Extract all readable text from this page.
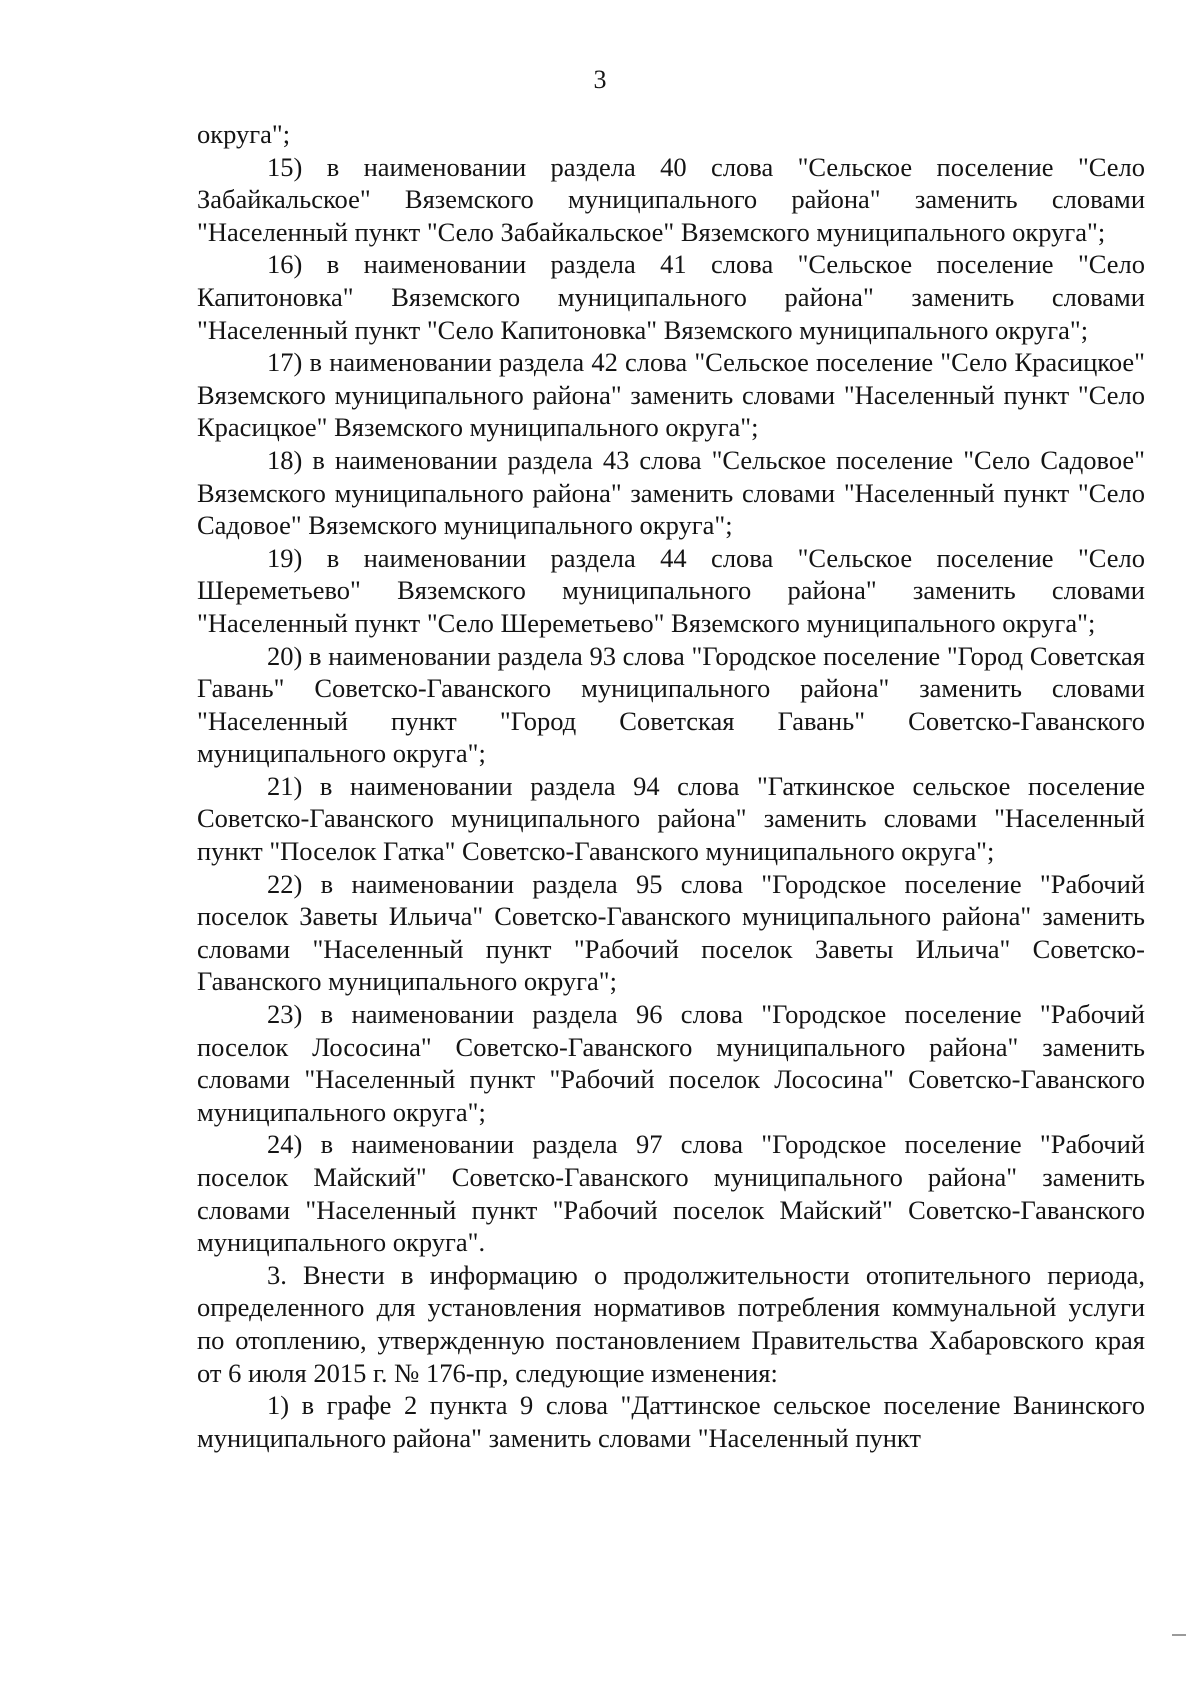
3

округа";

15) в наименовании раздела 40 слова "Сельское поселение "Село Забайкальское" Вяземского муниципального района" заменить словами "Населенный пункт "Село Забайкальское" Вяземского муниципального округа";

16) в наименовании раздела 41 слова "Сельское поселение "Село Капитоновка" Вяземского муниципального района" заменить словами "Населенный пункт "Село Капитоновка" Вяземского муниципального округа";

17) в наименовании раздела 42 слова "Сельское поселение "Село Красицкое" Вяземского муниципального района" заменить словами "Населенный пункт "Село Красицкое" Вяземского муниципального округа";

18) в наименовании раздела 43 слова "Сельское поселение "Село Садовое" Вяземского муниципального района" заменить словами "Населенный пункт "Село Садовое" Вяземского муниципального округа";

19) в наименовании раздела 44 слова "Сельское поселение "Село Шереметьево" Вяземского муниципального района" заменить словами "Населенный пункт "Село Шереметьево" Вяземского муниципального округа";

20) в наименовании раздела 93 слова "Городское поселение "Город Советская Гавань" Советско-Гаванского муниципального района" заменить словами "Населенный пункт "Город Советская Гавань" Советско-Гаванского муниципального округа";

21) в наименовании раздела 94 слова "Гаткинское сельское поселение Советско-Гаванского муниципального района" заменить словами "Населенный пункт "Поселок Гатка" Советско-Гаванского муниципального округа";

22) в наименовании раздела 95 слова "Городское поселение "Рабочий поселок Заветы Ильича" Советско-Гаванского муниципального района" заменить словами "Населенный пункт "Рабочий поселок Заветы Ильича" Советско-Гаванского муниципального округа";

23) в наименовании раздела 96 слова "Городское поселение "Рабочий поселок Лососина" Советско-Гаванского муниципального района" заменить словами "Населенный пункт "Рабочий поселок Лососина" Советско-Гаванского муниципального округа";

24) в наименовании раздела 97 слова "Городское поселение "Рабочий поселок Майский" Советско-Гаванского муниципального района" заменить словами "Населенный пункт "Рабочий поселок Майский" Советско-Гаванского муниципального округа".

3. Внести в информацию о продолжительности отопительного периода, определенного для установления нормативов потребления коммунальной услуги по отоплению, утвержденную постановлением Правительства Хабаровского края от 6 июля 2015 г. № 176-пр, следующие изменения:

1) в графе 2 пункта 9 слова "Даттинское сельское поселение Ванинского муниципального района" заменить словами "Населенный пункт
